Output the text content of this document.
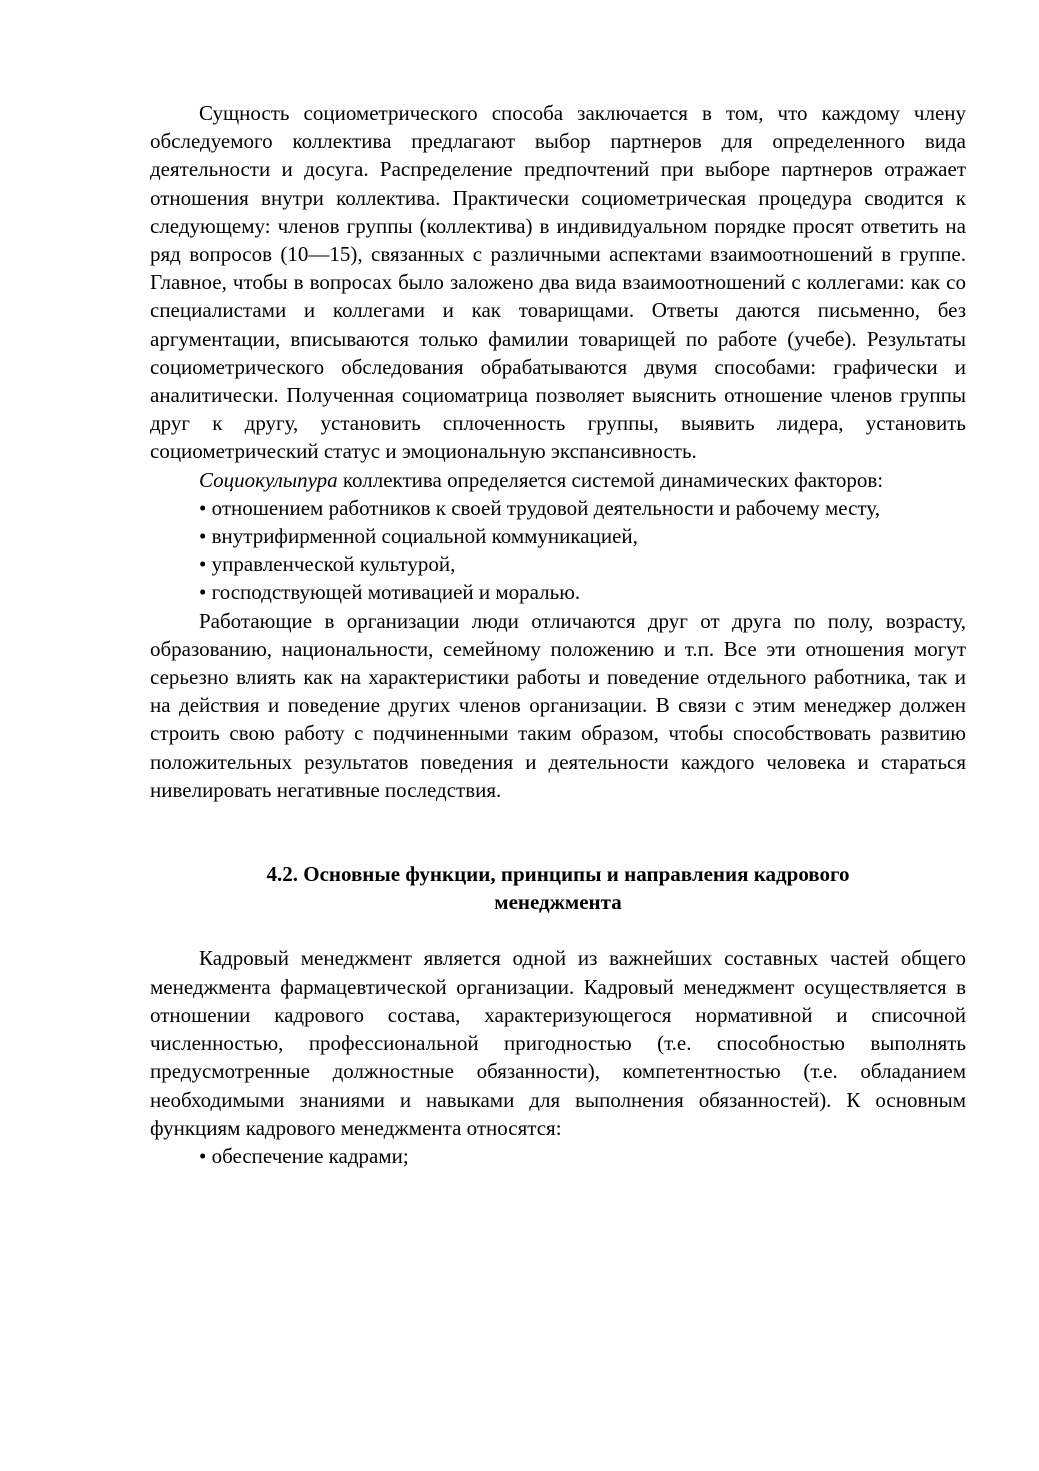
Сущность социометрического способа заключается в том, что каждому члену обследуемого коллектива предлагают выбор партнеров для определенного вида деятельности и досуга. Распределение предпочтений при выборе партнеров отражает отношения внутри коллектива. Практически социометрическая процедура сводится к следующему: членов группы (коллектива) в индивидуальном порядке просят ответить на ряд вопросов (10—15), связанных с различными аспектами взаимоотношений в группе. Главное, чтобы в вопросах было заложено два вида взаимоотношений с коллегами: как со специалистами и коллегами и как товарищами. Ответы даются письменно, без аргументации, вписываются только фамилии товарищей по работе (учебе). Результаты социометрического обследования обрабатываются двумя способами: графически и аналитически. Полученная социоматрица позволяет выяснить отношение членов группы друг к другу, установить сплоченность группы, выявить лидера, установить социометрический статус и эмоциональную экспансивность.

Социокулыпура коллектива определяется системой динамических факторов:

• отношением работников к своей трудовой деятельности и рабочему месту,

• внутрифирменной социальной коммуникацией,

• управленческой культурой,

• господствующей мотивацией и моралью.

Работающие в организации люди отличаются друг от друга по полу, возрасту, образованию, национальности, семейному положению и т.п. Все эти отношения могут серьезно влиять как на характеристики работы и поведение отдельного работника, так и на действия и поведение других членов организации. В связи с этим менеджер должен строить свою работу с подчиненными таким образом, чтобы способствовать развитию положительных результатов поведения и деятельности каждого человека и стараться нивелировать негативные последствия.

4.2. Основные функции, принципы и направления кадрового
менеджмента

Кадровый менеджмент является одной из важнейших составных частей общего менеджмента фармацевтической организации. Кадровый менеджмент осуществляется в отношении кадрового состава, характеризующегося нормативной и списочной численностью, профессиональной пригодностью (т.е. способностью выполнять предусмотренные должностные обязанности), компетентностью (т.е. обладанием необходимыми знаниями и навыками для выполнения обязанностей). К основным функциям кадрового менеджмента относятся:

• обеспечение кадрами;
